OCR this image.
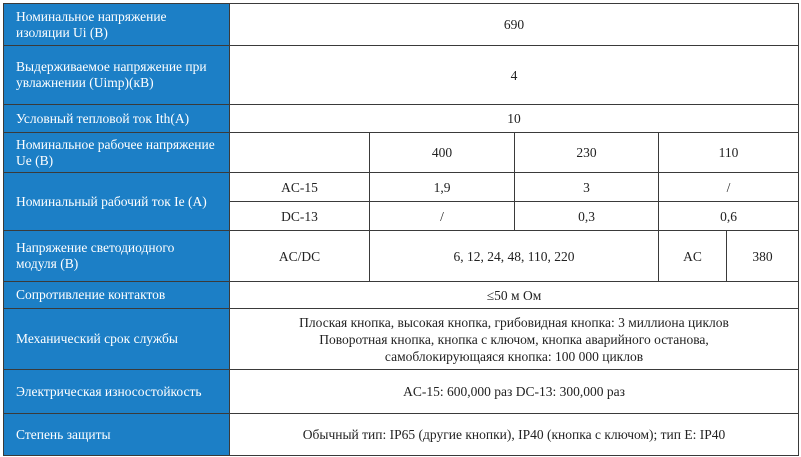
Номинальное напряжение изоляции Ui (В)	690				
Выдерживаемое напряжение при увлажнении (Uimp)(кВ)	4				
Условный тепловой ток Ith(A)	10				
Номинальное рабочее напряжение Ue (В)		400	230	110	
Номинальный рабочий ток Ie (A)	AC-15	1,9	3	/	
	DC-13	/	0,3	0,6	
Напряжение светодиодного модуля (В)	AC/DC	6, 12, 24, 48, 110, 220		AC	380
Сопротивление контактов	≤50 м Ом				
Механический срок службы	Плоская кнопка, высокая кнопка, грибовидная кнопка: 3 миллиона циклов
Поворотная кнопка, кнопка с ключом, кнопка аварийного останова,
самоблокирующаяся кнопка: 100 000 циклов				

Электрическая износостойкость	AC-15: 600,000 раз DC-13: 300,000 раз				
Степень защиты	Обычный тип: IP65 (другие кнопки), IP40 (кнопка с ключом); тип E: IP40				
